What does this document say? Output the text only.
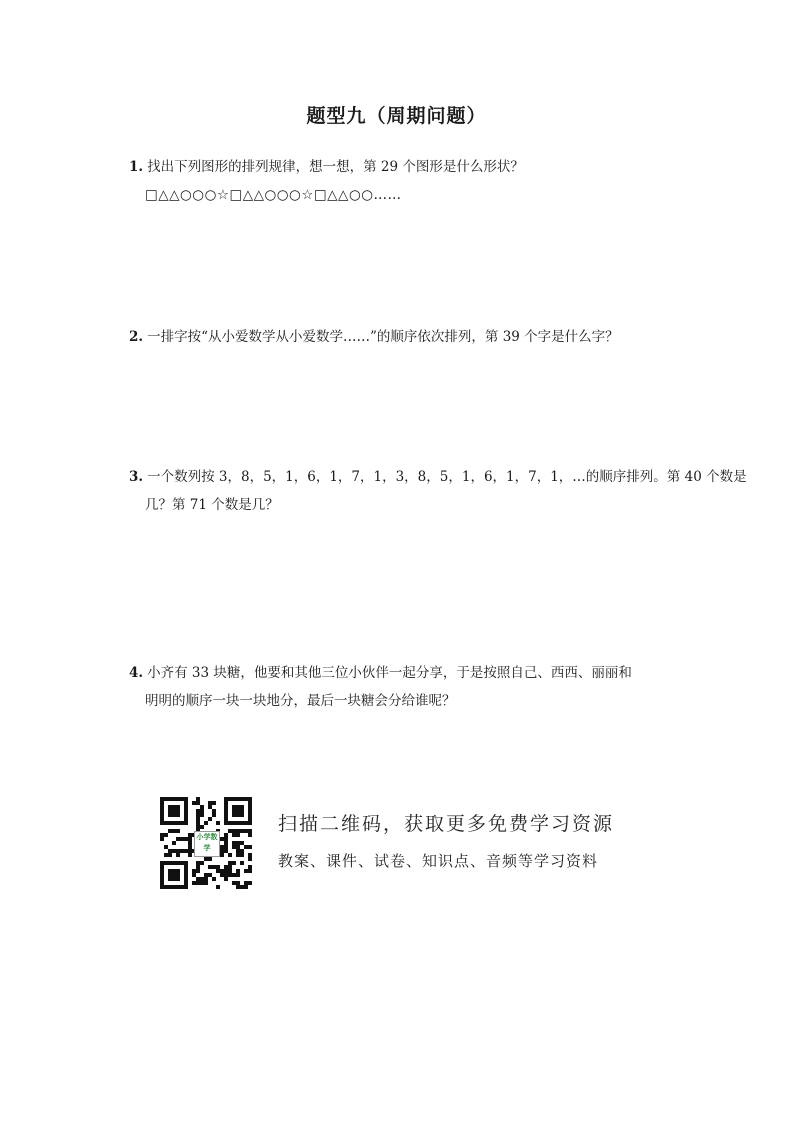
题型九（周期问题）
1. 找出下列图形的排列规律，想一想，第 29 个图形是什么形状？
□△△○○○☆□△△○○○☆□△△○○……
2. 一排字按“从小爱数学从小爱数学……”的顺序依次排列，第 39 个字是什么字？
3. 一个数列按 3，8，5，1，6，1，7，1，3，8，5，1，6，1，7，1，…的顺序排列。第 40 个数是
几？第 71 个数是几？
4. 小齐有 33 块糖，他要和其他三位小伙伴一起分享，于是按照自己、西西、丽丽和
明明的顺序一块一块地分，最后一块糖会分给谁呢？
小学数学
扫描二维码，获取更多免费学习资源
教案、课件、试卷、知识点、音频等学习资料
